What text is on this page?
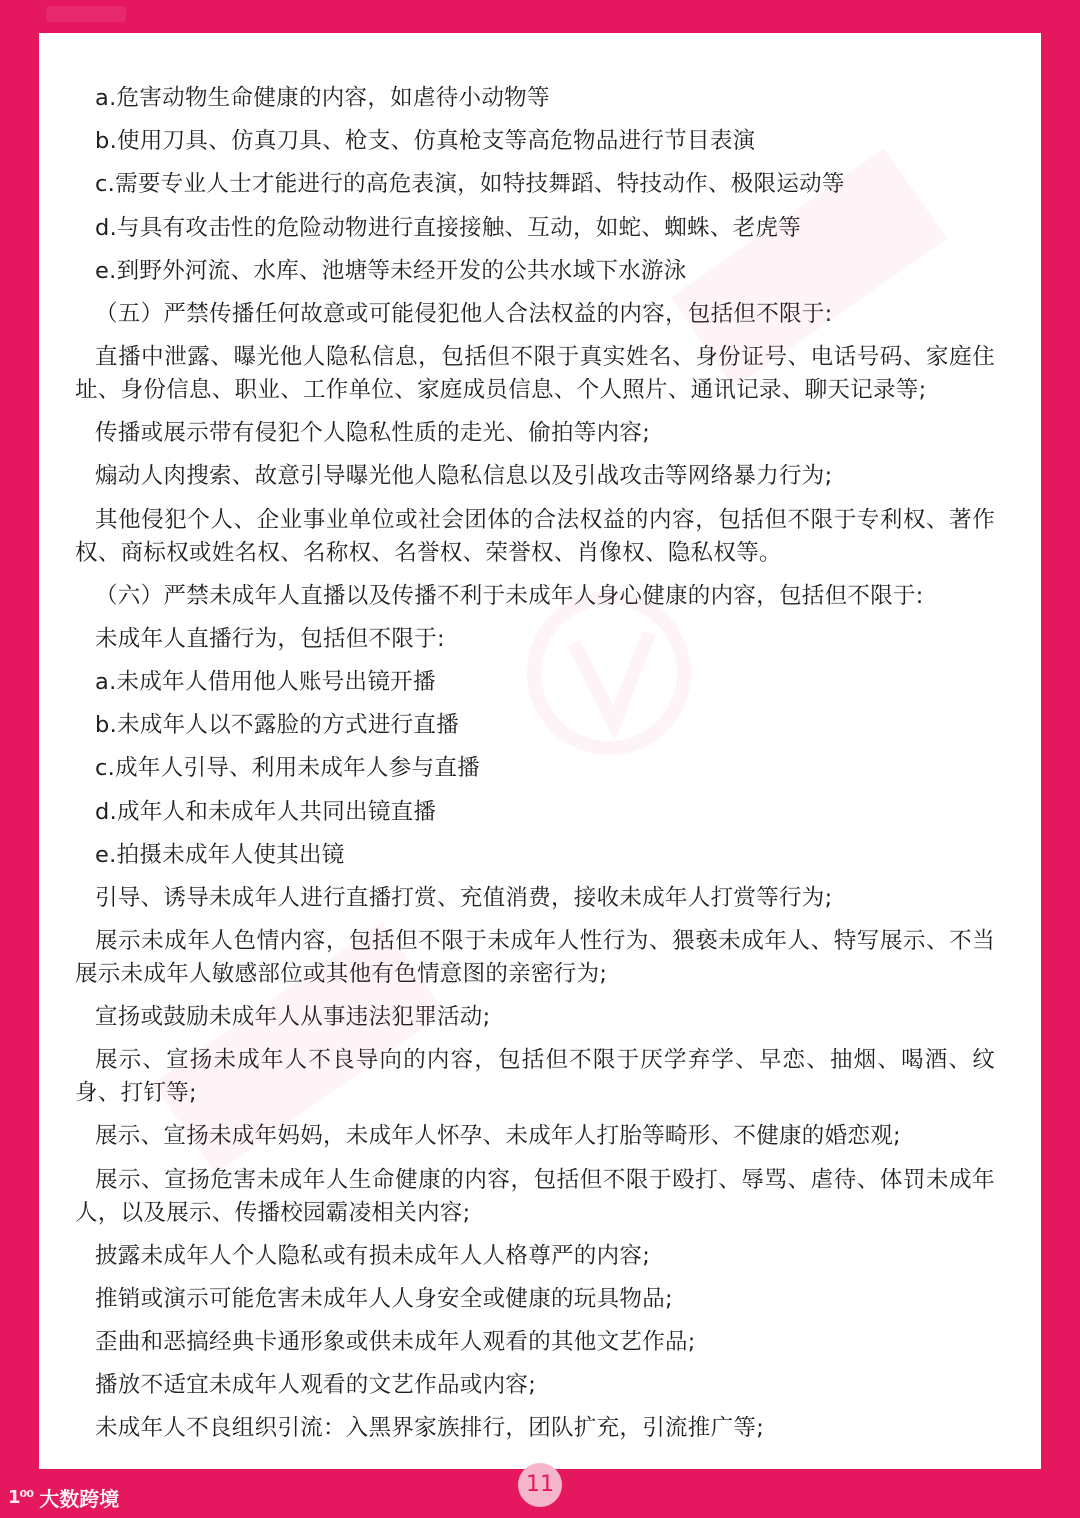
a.危害动物生命健康的内容，如虐待小动物等

b.使用刀具、仿真刀具、枪支、仿真枪支等高危物品进行节目表演

c.需要专业人士才能进行的高危表演，如特技舞蹈、特技动作、极限运动等

d.与具有攻击性的危险动物进行直接接触、互动，如蛇、蜘蛛、老虎等

e.到野外河流、水库、池塘等未经开发的公共水域下水游泳

（五）严禁传播任何故意或可能侵犯他人合法权益的内容，包括但不限于:

直播中泄露、曝光他人隐私信息，包括但不限于真实姓名、身份证号、电话号码、家庭住址、身份信息、职业、工作单位、家庭成员信息、个人照片、通讯记录、聊天记录等;

传播或展示带有侵犯个人隐私性质的走光、偷拍等内容;

煽动人肉搜索、故意引导曝光他人隐私信息以及引战攻击等网络暴力行为;

其他侵犯个人、企业事业单位或社会团体的合法权益的内容，包括但不限于专利权、著作权、商标权或姓名权、名称权、名誉权、荣誉权、肖像权、隐私权等。

（六）严禁未成年人直播以及传播不利于未成年人身心健康的内容，包括但不限于:

未成年人直播行为，包括但不限于:

a.未成年人借用他人账号出镜开播

b.未成年人以不露脸的方式进行直播

c.成年人引导、利用未成年人参与直播

d.成年人和未成年人共同出镜直播

e.拍摄未成年人使其出镜

引导、诱导未成年人进行直播打赏、充值消费，接收未成年人打赏等行为;

展示未成年人色情内容，包括但不限于未成年人性行为、猥亵未成年人、特写展示、不当展示未成年人敏感部位或其他有色情意图的亲密行为;

宣扬或鼓励未成年人从事违法犯罪活动;

展示、宣扬未成年人不良导向的内容，包括但不限于厌学弃学、早恋、抽烟、喝酒、纹身、打钉等;

展示、宣扬未成年妈妈，未成年人怀孕、未成年人打胎等畸形、不健康的婚恋观;

展示、宣扬危害未成年人生命健康的内容，包括但不限于殴打、辱骂、虐待、体罚未成年人，以及展示、传播校园霸凌相关内容;

披露未成年人个人隐私或有损未成年人人格尊严的内容;

推销或演示可能危害未成年人人身安全或健康的玩具物品;

歪曲和恶搞经典卡通形象或供未成年人观看的其他文艺作品;

播放不适宜未成年人观看的文艺作品或内容;

未成年人不良组织引流：入黑界家族排行，团队扩充，引流推广等;

11
1⁰⁰ 大数跨境
